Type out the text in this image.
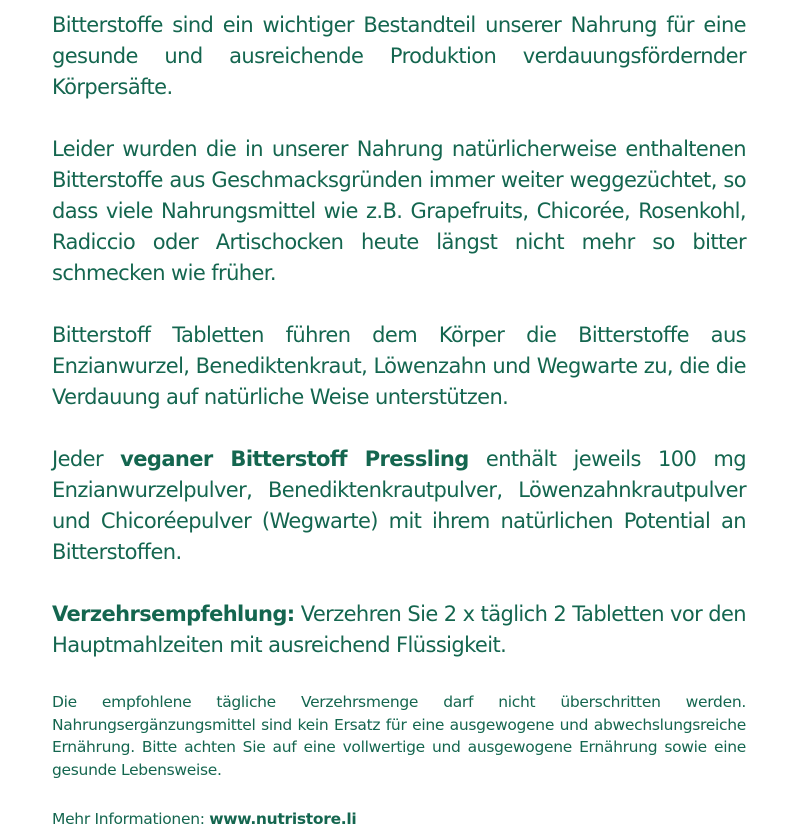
Bitterstoffe sind ein wichtiger Bestandteil unserer Nahrung für eine gesunde und ausreichende Produktion verdauungsfördernder Körpersäfte.

Leider wurden die in unserer Nahrung natürlicherweise enthaltenen Bitterstoffe aus Geschmacksgründen immer weiter weggezüchtet, so dass viele Nahrungsmittel wie z.B. Grapefruits, Chicorée, Rosenkohl, Radiccio oder Artischocken heute längst nicht mehr so bitter schmecken wie früher.

Bitterstoff Tabletten führen dem Körper die Bitterstoffe aus Enzianwurzel, Benediktenkraut, Löwenzahn und Wegwarte zu, die die Verdauung auf natürliche Weise unterstützen.

Jeder veganer Bitterstoff Pressling enthält jeweils 100 mg Enzianwurzelpulver, Benediktenkrautpulver, Löwenzahnkrautpulver und Chicoréepulver (Wegwarte) mit ihrem natürlichen Potential an Bitterstoffen.

Verzehrsempfehlung: Verzehren Sie 2 x täglich 2 Tabletten vor den Hauptmahlzeiten mit ausreichend Flüssigkeit.

Die empfohlene tägliche Verzehrsmenge darf nicht überschritten werden. Nahrungsergänzungsmittel sind kein Ersatz für eine ausgewogene und abwechslungsreiche Ernährung. Bitte achten Sie auf eine vollwertige und ausgewogene Ernährung sowie eine gesunde Lebensweise.

Mehr Informationen: www.nutristore.li
